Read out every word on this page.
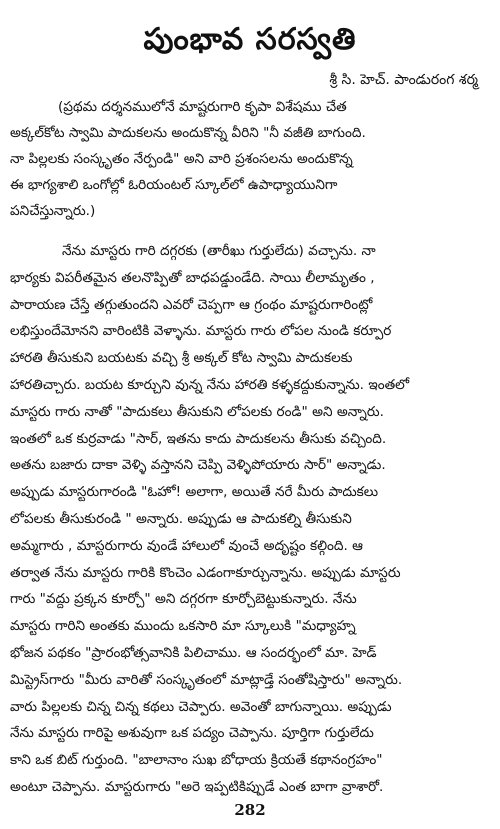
పుంభావ సరస్వతి
శ్రీ సి. హెచ్. పాండురంగ శర్మ
(ప్రథమ దర్శనములోనే మాష్టరుగారి కృపా విశేషము చేత
అక్కల్‌కోట స్వామి పాదుకలను అందుకొన్న వీరిని "నీ వజీతి బాగుంది.
నా పిల్లలకు సంస్కృతం నేర్పండి" అని వారి ప్రశంసలను అందుకొన్న
ఈ భాగ్యశాలి ఒంగోల్లో ఓరియంటల్ స్కూల్‌లో ఉపాధ్యాయునిగా
పనిచేస్తున్నారు.)
నేను మాస్టరు గారి దగ్గరకు (తారీఖు గుర్తులేదు) వచ్చాను. నా
భార్యకు విపరీతమైన తలనొప్పితో బాధపడ్డుండేది. సాయి లీలామృతం ,
పారాయణ చేస్తే తగ్గుతుందని ఎవరో చెప్పగా ఆ గ్రంథం మాష్టరుగారింట్లో
లభిస్తుందేమోనని వారింటికి వెళ్ళాను. మాస్టరు గారు లోపల నుండి కర్పూర
హారతి తీసుకుని బయటకు వచ్చి శ్రీ అక్కల్ కోట స్వామి పాదుకలకు
హారతిచ్చారు. బయట కూర్చుని వున్న నేను హారతి కళ్ళకద్దుకున్నాను. ఇంతలో
మాస్టరు గారు నాతో "పాదుకలు తీసుకుని లోపలకు రండి" అని అన్నారు.
ఇంతలో ఒక కుర్రవాడు "సార్, ఇతను కాదు పాదుకలను తీసుకు వచ్చింది.
అతను బజారు దాకా వెళ్ళి వస్తానని చెప్పి వెళ్ళిపోయారు సార్" అన్నాడు.
అప్పుడు మాస్టరుగారండి "ఓహో! అలాగా, అయితే నరే మీరు పాదుకలు
లోపలకు తీసుకురండి " అన్నారు. అప్పుడు ఆ పాదుకల్ని తీసుకుని
అమ్మగారు , మాస్టరుగారు వుండే హాలులో వుంచే అదృష్టం కల్గింది. ఆ
తర్వాత నేను మాస్టరు గారికి కొంచెం ఎడంగాకూర్చున్నాను. అప్పుడు మాస్టరు
గారు "వద్దు ప్రక్కన కూర్చో" అని దగ్గరగా కూర్చోబెట్టుకున్నారు. నేను
మాస్టరు గారిని అంతకు ముందు ఒకసారి మా స్కూలుకి "మధ్యాహ్న
భోజన పథకం "ప్రారంభోత్సవానికి పిలిచాము. ఆ సందర్భంలో మా. హెడ్
మిస్ట్రెస్‌గారు "మీరు వారితో సంస్కృతంలో మాట్లాడ్తే సంతోషిస్తారు" అన్నారు.
వారు పిల్లలకు చిన్న చిన్న కథలు చెప్పారు. అవెంతో బాగున్నాయి. అప్పుడు
నేను మాస్టరు గారిపై అశువుగా ఒక పద్యం చెప్పాను. పూర్తిగా గుర్తులేదు
కాని ఒక బిట్ గుర్తుంది. "బాలానాం సుఖ బోధాయ క్రియతే కథానంగ్రహం"
అంటూ చెప్పాను. మాస్టరుగారు "అరె ఇప్పటికిప్పుడే ఎంత బాగా వ్రాశారో.
282
